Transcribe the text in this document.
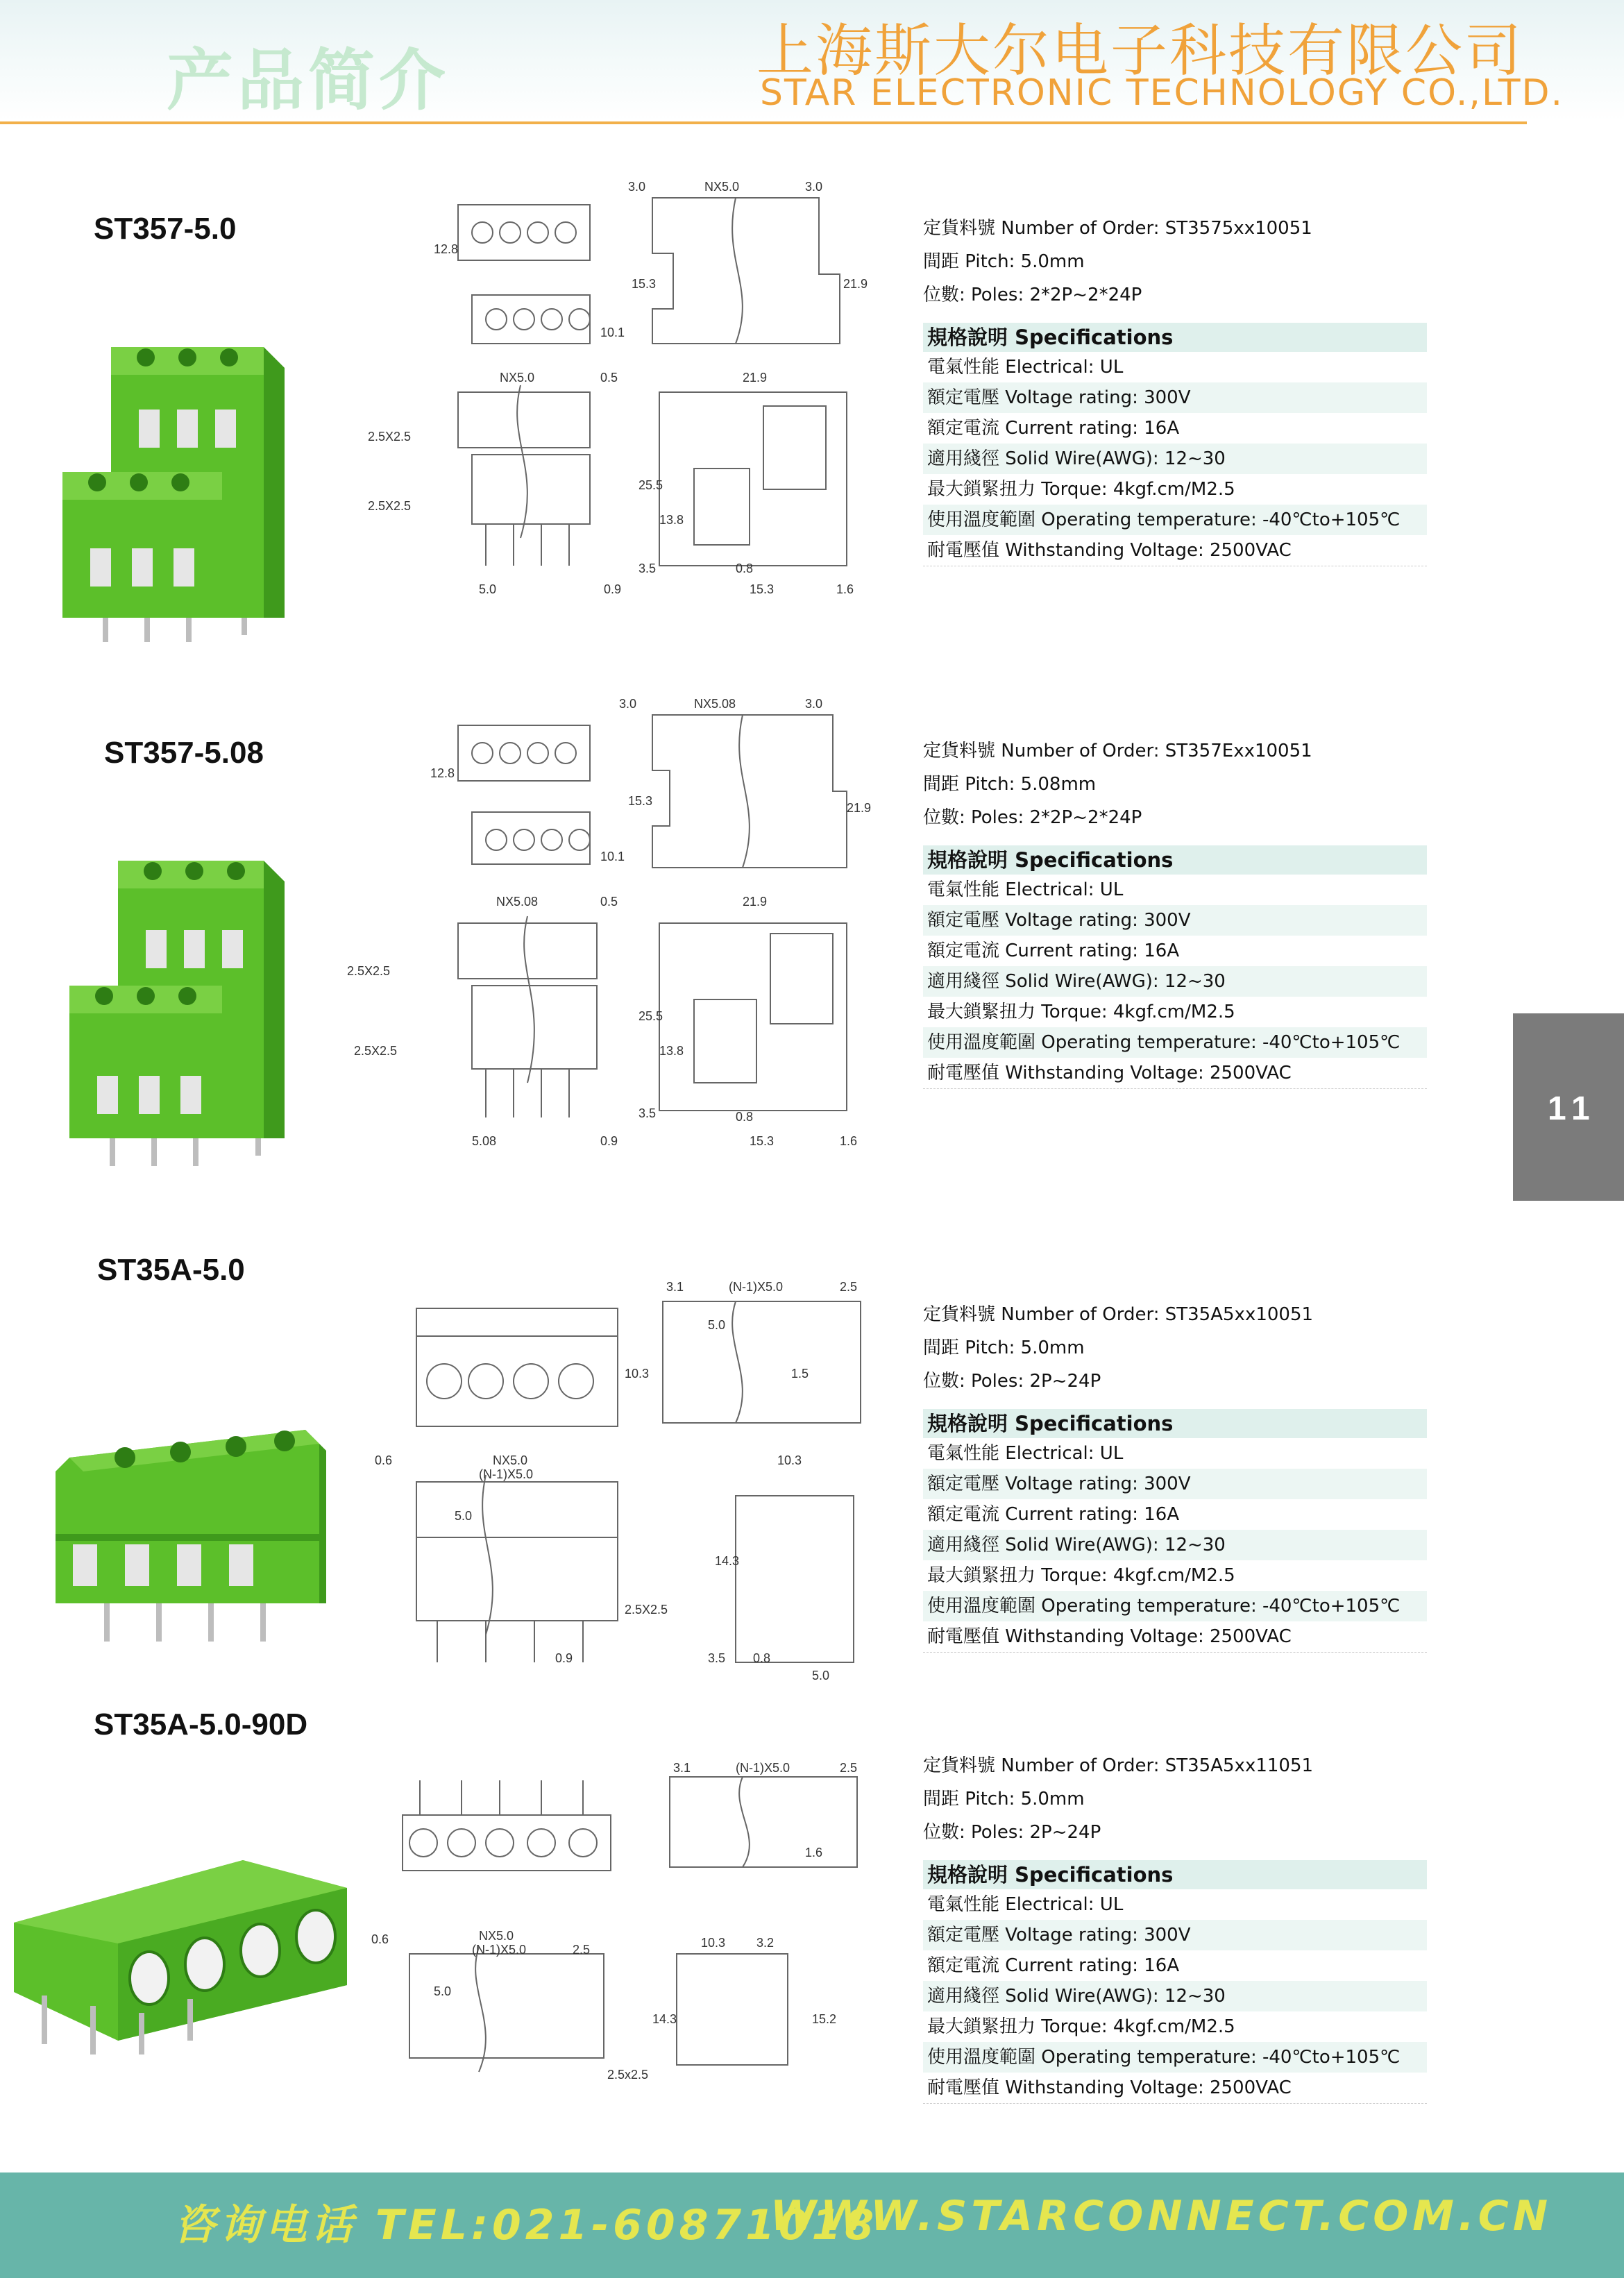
产品简介	上海斯大尔电子科技有限公司
STAR ELECTRONIC TECHNOLOGY CO.,LTD.
11
ST357-5.0
3.0	NX5.0	3.0
12.8
15.3	21.9
10.1
NX5.0	0.5	21.9
2.5X2.5
2.5X2.5
25.5
13.8
3.5
5.0	0.9
0.8
15.3	1.6
定貨料號 Number of Order: ST3575xx10051
間距 Pitch: 5.0mm
位數: Poles: 2*2P~2*24P
規格說明 Specifications
電氣性能 Electrical: UL
額定電壓 Voltage rating: 300V
額定電流 Current rating: 16A
適用綫徑 Solid Wire(AWG): 12~30
最大鎖緊扭力 Torque: 4kgf.cm/M2.5
使用溫度範圍 Operating temperature: -40℃to+105℃
耐電壓值 Withstanding Voltage: 2500VAC
ST357-5.08
3.0	NX5.08	3.0
12.8
15.3	21.9
10.1
NX5.08	0.5	21.9
2.5X2.5
2.5X2.5
25.5
13.8
3.5
5.08	0.9
0.8
15.3	1.6
定貨料號 Number of Order: ST357Exx10051
間距 Pitch: 5.08mm
位數: Poles: 2*2P~2*24P
規格說明 Specifications
電氣性能 Electrical: UL
額定電壓 Voltage rating: 300V
額定電流 Current rating: 16A
適用綫徑 Solid Wire(AWG): 12~30
最大鎖緊扭力 Torque: 4kgf.cm/M2.5
使用溫度範圍 Operating temperature: -40℃to+105℃
耐電壓值 Withstanding Voltage: 2500VAC
ST35A-5.0	3.1	(N-1)X5.0	2.5
10.3
5.0
1.5
0.6	NX5.0
(N-1)X5.0
10.3
5.0
14.3
2.5X2.5
0.9	3.5 0.8
5.0
定貨料號 Number of Order: ST35A5xx10051
間距 Pitch: 5.0mm
位數: Poles: 2P~24P
規格說明 Specifications
電氣性能 Electrical: UL
額定電壓 Voltage rating: 300V
額定電流 Current rating: 16A
適用綫徑 Solid Wire(AWG): 12~30
最大鎖緊扭力 Torque: 4kgf.cm/M2.5
使用溫度範圍 Operating temperature: -40℃to+105℃
耐電壓值 Withstanding Voltage: 2500VAC
ST35A-5.0-90D
3.1	(N-1)X5.0	2.5
1.6
0.6	NX5.0
(N-1)X5.0	2.5	10.3 3.2
5.0
14.3	15.2
2.5x2.5
定貨料號 Number of Order: ST35A5xx11051
間距 Pitch: 5.0mm
位數: Poles: 2P~24P
規格說明 Specifications
電氣性能 Electrical: UL
額定電壓 Voltage rating: 300V
額定電流 Current rating: 16A
適用綫徑 Solid Wire(AWG): 12~30
最大鎖緊扭力 Torque: 4kgf.cm/M2.5
使用溫度範圍 Operating temperature: -40℃to+105℃
耐電壓值 Withstanding Voltage: 2500VAC
咨询电话 TEL:021-60871018
WWW.STARCONNECT.COM.CN
